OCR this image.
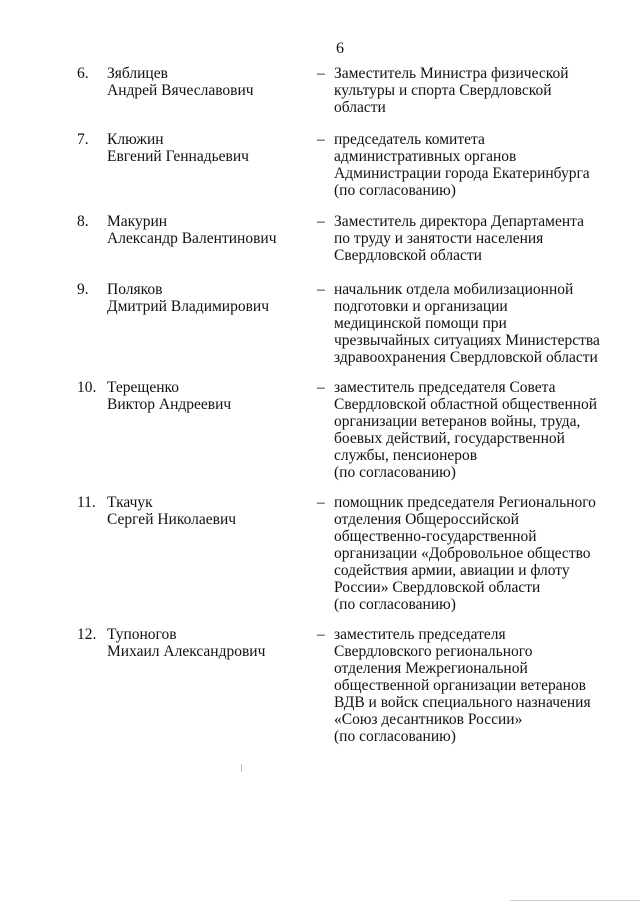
6
6. Зяблицев
Андрей Вячеславович
– Заместитель Министра физической
культуры и спорта Свердловской
области
7. Клюжин
Евгений Геннадьевич
– председатель комитета
административных органов
Администрации города Екатеринбурга
(по согласованию)
8. Макурин
Александр Валентинович
– Заместитель директора Департамента
по труду и занятости населения
Свердловской области
9. Поляков
Дмитрий Владимирович
– начальник отдела мобилизационной
подготовки и организации
медицинской помощи при
чрезвычайных ситуациях Министерства
здравоохранения Свердловской области
10. Терещенко
Виктор Андреевич
– заместитель председателя Совета
Свердловской областной общественной
организации ветеранов войны, труда,
боевых действий, государственной
службы, пенсионеров
(по согласованию)
11. Ткачук
Сергей Николаевич
– помощник председателя Регионального
отделения Общероссийской
общественно-государственной
организации «Добровольное общество
содействия армии, авиации и флоту
России» Свердловской области
(по согласованию)
12. Тупоногов
Михаил Александрович
– заместитель председателя
Свердловского регионального
отделения Межрегиональной
общественной организации ветеранов
ВДВ и войск специального назначения
«Союз десантников России»
(по согласованию)
